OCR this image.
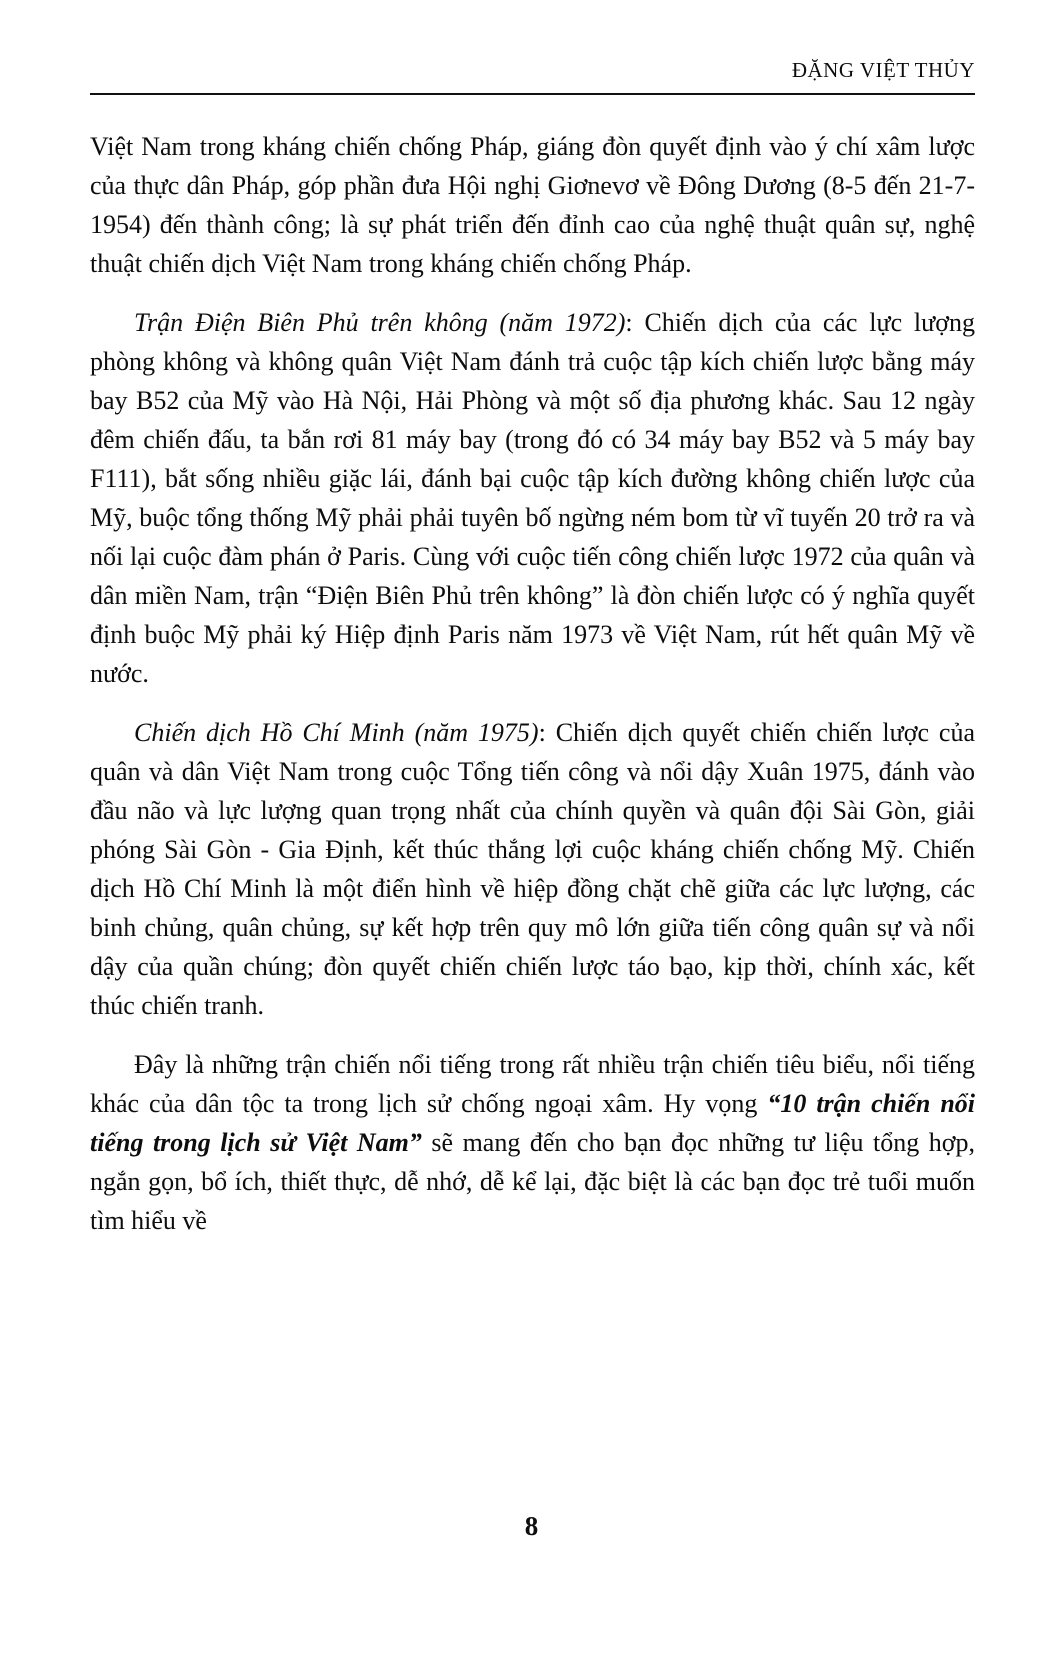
ĐẶNG VIỆT THỦY

Việt Nam trong kháng chiến chống Pháp, giáng đòn quyết định vào ý chí xâm lược của thực dân Pháp, góp phần đưa Hội nghị Giơnevơ về Đông Dương (8-5 đến 21-7-1954) đến thành công; là sự phát triển đến đỉnh cao của nghệ thuật quân sự, nghệ thuật chiến dịch Việt Nam trong kháng chiến chống Pháp.

Trận Điện Biên Phủ trên không (năm 1972): Chiến dịch của các lực lượng phòng không và không quân Việt Nam đánh trả cuộc tập kích chiến lược bằng máy bay B52 của Mỹ vào Hà Nội, Hải Phòng và một số địa phương khác. Sau 12 ngày đêm chiến đấu, ta bắn rơi 81 máy bay (trong đó có 34 máy bay B52 và 5 máy bay F111), bắt sống nhiều giặc lái, đánh bại cuộc tập kích đường không chiến lược của Mỹ, buộc tổng thống Mỹ phải phải tuyên bố ngừng ném bom từ vĩ tuyến 20 trở ra và nối lại cuộc đàm phán ở Paris. Cùng với cuộc tiến công chiến lược 1972 của quân và dân miền Nam, trận “Điện Biên Phủ trên không” là đòn chiến lược có ý nghĩa quyết định buộc Mỹ phải ký Hiệp định Paris năm 1973 về Việt Nam, rút hết quân Mỹ về nước.

Chiến dịch Hồ Chí Minh (năm 1975): Chiến dịch quyết chiến chiến lược của quân và dân Việt Nam trong cuộc Tổng tiến công và nổi dậy Xuân 1975, đánh vào đầu não và lực lượng quan trọng nhất của chính quyền và quân đội Sài Gòn, giải phóng Sài Gòn - Gia Định, kết thúc thắng lợi cuộc kháng chiến chống Mỹ. Chiến dịch Hồ Chí Minh là một điển hình về hiệp đồng chặt chẽ giữa các lực lượng, các binh chủng, quân chủng, sự kết hợp trên quy mô lớn giữa tiến công quân sự và nổi dậy của quần chúng; đòn quyết chiến chiến lược táo bạo, kịp thời, chính xác, kết thúc chiến tranh.

Đây là những trận chiến nổi tiếng trong rất nhiều trận chiến tiêu biểu, nổi tiếng khác của dân tộc ta trong lịch sử chống ngoại xâm. Hy vọng “10 trận chiến nổi tiếng trong lịch sử Việt Nam” sẽ mang đến cho bạn đọc những tư liệu tổng hợp, ngắn gọn, bổ ích, thiết thực, dễ nhớ, dễ kể lại, đặc biệt là các bạn đọc trẻ tuổi muốn tìm hiểu về

8
